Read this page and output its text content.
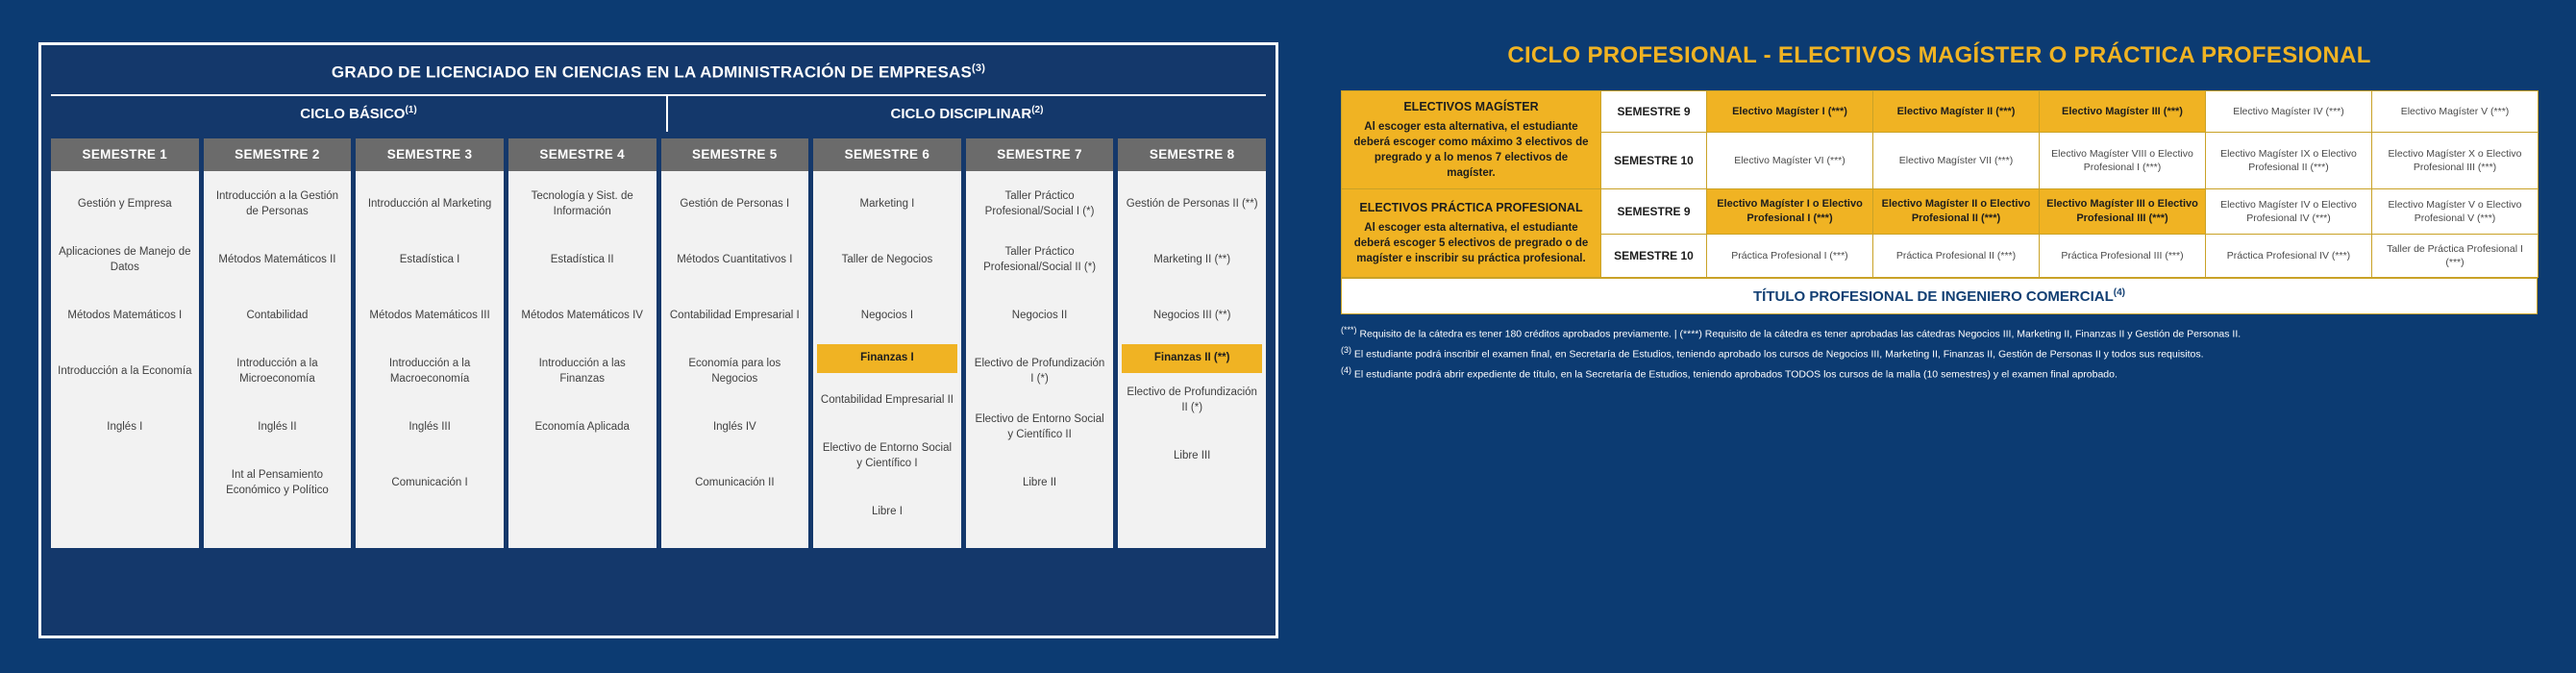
GRADO DE LICENCIADO EN CIENCIAS EN LA ADMINISTRACIÓN DE EMPRESAS$^{(3)}$
CICLO BÁSICO$^{(1)}$	CICLO DISCIPLINAR$^{(2)}$
SEMESTRE 1
Gestión y Empresa
Aplicaciones de Manejo de Datos
Métodos Matemáticos I
Introducción a la Economía
Inglés I
SEMESTRE 2
Introducción a la Gestión de Personas
Métodos Matemáticos II
Contabilidad
Introducción a la Microeconomía
Inglés II
Int al Pensamiento Económico y Político
SEMESTRE 3
Introducción al Marketing
Estadística I
Métodos Matemáticos III
Introducción a la Macroeconomía
Inglés III
Comunicación I
SEMESTRE 4
Tecnología y Sist. de Información
Estadística II
Métodos Matemáticos IV
Introducción a las Finanzas
Economía Aplicada
SEMESTRE 5
Gestión de Personas I
Métodos Cuantitativos I
Contabilidad Empresarial I
Economía para los Negocios
Inglés IV
Comunicación II
SEMESTRE 6
Marketing I
Taller de Negocios
Negocios I
Finanzas I
Contabilidad Empresarial II
Electivo de Entorno Social y Científico I
Libre I
SEMESTRE 7
Taller Práctico Profesional/Social I (*)
Taller Práctico Profesional/Social II (*)
Negocios II
Electivo de Profundización I (*)
Electivo de Entorno Social y Científico II
Libre II
SEMESTRE 8
Gestión de Personas II (**)
Marketing II (**)
Negocios III (**)
Finanzas II (**)
Electivo de Profundización II (*)
Libre III
CICLO PROFESIONAL - ELECTIVOS MAGÍSTER O PRÁCTICA PROFESIONAL
ELECTIVOS MAGÍSTER
Al escoger esta alternativa, el estudiante deberá escoger como máximo 3 electivos de pregrado y a lo menos 7 electivos de magíster.	SEMESTRE 9	Electivo Magíster I (***)	Electivo Magíster II (***)	Electivo Magíster III (***)	Electivo Magíster IV (***)	Electivo Magíster V (***)
	SEMESTRE 10	Electivo Magíster VI (***)	Electivo Magíster VII (***)	Electivo Magíster VIII o Electivo Profesional I (***)	Electivo Magíster IX o Electivo Profesional II (***)	Electivo Magíster X o Electivo Profesional III (***)

ELECTIVOS PRÁCTICA PROFESIONAL
Al escoger esta alternativa, el estudiante deberá escoger 5 electivos de pregrado o de magíster e inscribir su práctica profesional.	SEMESTRE 9	Electivo Magíster I o Electivo Profesional I (***)	Electivo Magíster II o Electivo Profesional II (***)	Electivo Magíster III o Electivo Profesional III (***)	Electivo Magíster IV o Electivo Profesional IV (***)	Electivo Magíster V o Electivo Profesional V (***)
	SEMESTRE 10	Práctica Profesional I (***)	Práctica Profesional II (***)	Práctica Profesional III (***)	Práctica Profesional IV (***)	Taller de Práctica Profesional I (***)
TÍTULO PROFESIONAL DE INGENIERO COMERCIAL$^{(4)}$
(***) Requisito de la cátedra es tener 180 créditos aprobados previamente. | (****) Requisito de la cátedra es tener aprobadas las cátedras Negocios III, Marketing II, Finanzas II y Gestión de Personas II.
$^{(3)}$ El estudiante podrá inscribir el examen final, en Secretaría de Estudios, teniendo aprobado los cursos de Negocios III, Marketing II, Finanzas II, Gestión de Personas II y todos sus requisitos.
$^{(4)}$ El estudiante podrá abrir expediente de título, en la Secretaría de Estudios, teniendo aprobados TODOS los cursos de la malla (10 semestres) y el examen final aprobado.
